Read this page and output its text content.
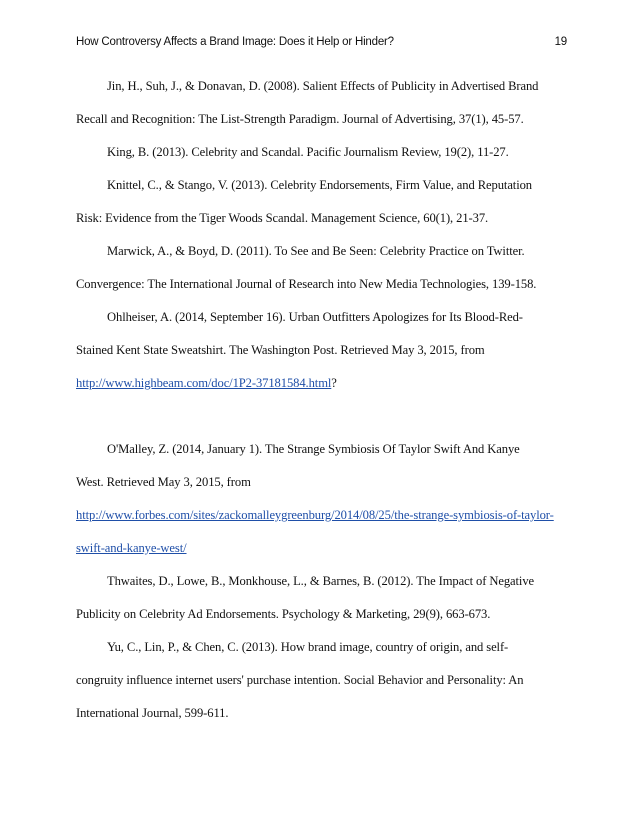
How Controversy Affects a Brand Image: Does it Help or Hinder?	19
Jin, H., Suh, J., & Donavan, D. (2008). Salient Effects of Publicity in Advertised Brand
Recall and Recognition: The List-Strength Paradigm. Journal of Advertising, 37(1), 45-57.
King, B. (2013). Celebrity and Scandal. Pacific Journalism Review, 19(2), 11-27.
Knittel, C., & Stango, V. (2013). Celebrity Endorsements, Firm Value, and Reputation
Risk: Evidence from the Tiger Woods Scandal. Management Science, 60(1), 21-37.
Marwick, A., & Boyd, D. (2011). To See and Be Seen: Celebrity Practice on Twitter.
Convergence: The International Journal of Research into New Media Technologies, 139-158.
Ohlheiser, A. (2014, September 16). Urban Outfitters Apologizes for Its Blood-Red-
Stained Kent State Sweatshirt. The Washington Post. Retrieved May 3, 2015, from
http://www.highbeam.com/doc/1P2-37181584.html?
O'Malley, Z. (2014, January 1). The Strange Symbiosis Of Taylor Swift And Kanye
West. Retrieved May 3, 2015, from
http://www.forbes.com/sites/zackomalleygreenburg/2014/08/25/the-strange-symbiosis-of-taylor-
swift-and-kanye-west/
Thwaites, D., Lowe, B., Monkhouse, L., & Barnes, B. (2012). The Impact of Negative
Publicity on Celebrity Ad Endorsements. Psychology & Marketing, 29(9), 663-673.
Yu, C., Lin, P., & Chen, C. (2013). How brand image, country of origin, and self-
congruity influence internet users' purchase intention. Social Behavior and Personality: An
International Journal, 599-611.
